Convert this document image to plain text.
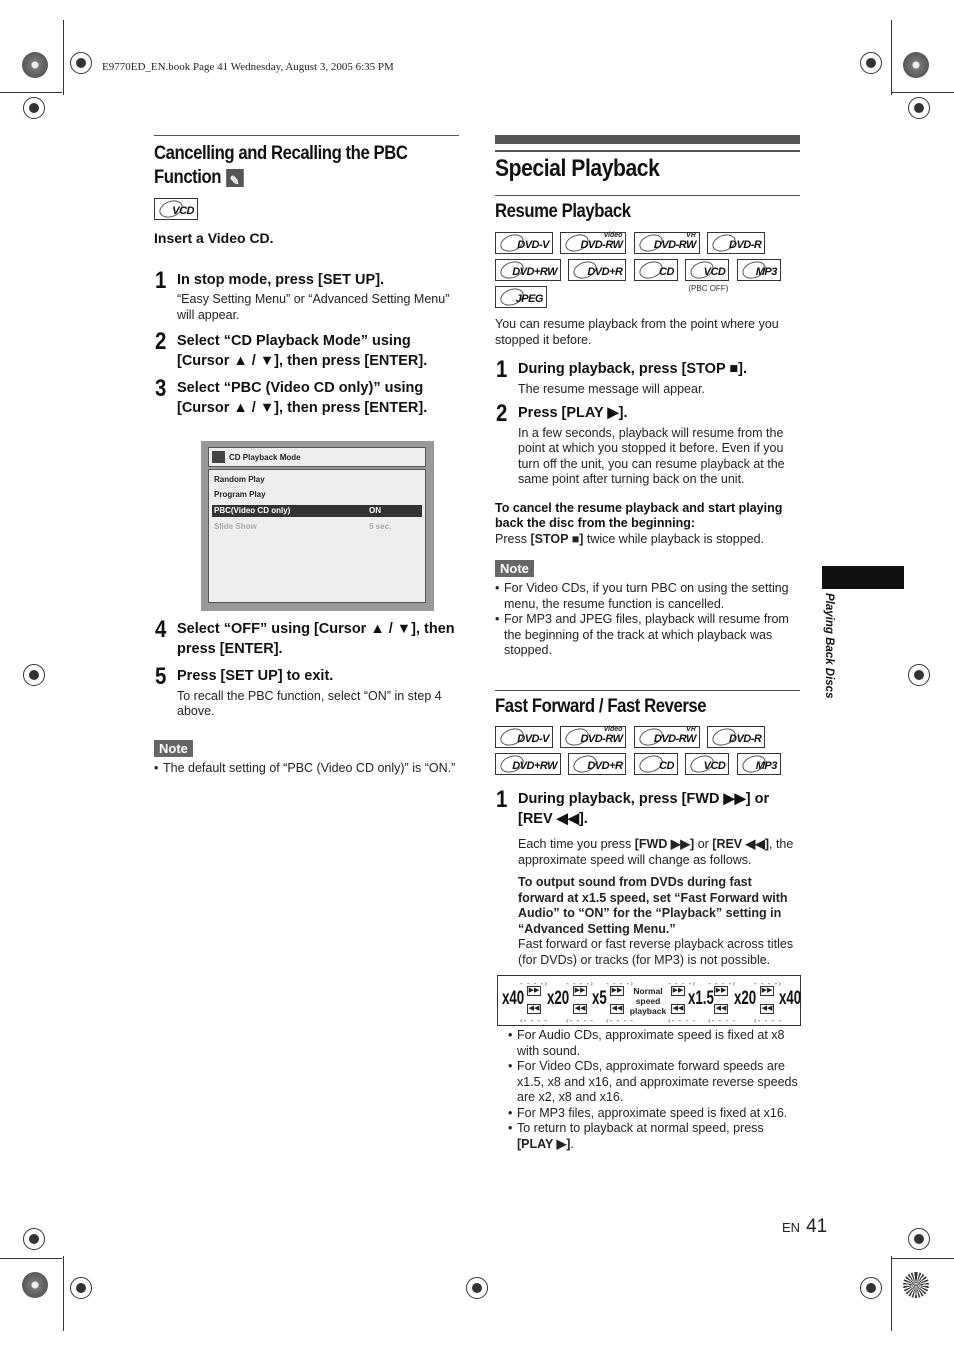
E9770ED_EN.book Page 41 Wednesday, August 3, 2005 6:35 PM
Cancelling and Recalling the PBC
Function✎
VCD
Insert a Video CD.
1 In stop mode, press [SET UP].
“Easy Setting Menu” or “Advanced Setting Menu” will appear.
2 Select “CD Playback Mode” using [Cursor ▲ / ▼], then press [ENTER].
3 Select “PBC (Video CD only)” using [Cursor ▲ / ▼], then press [ENTER].
CD Playback Mode
Random Play
Program Play
PBC(Video CD only)	ON
Slide Show	5 sec.
4 Select “OFF” using [Cursor ▲ / ▼], then press [ENTER].
5 Press [SET UP] to exit.
To recall the PBC function, select “ON” in step 4 above.
Note
• The default setting of “PBC (Video CD only)” is “ON.”
Special Playback
Resume Playback
DVD-V

Video
DVD-RW

VR
DVD-RW
	DVD-R

DVD+RW
	DVD+R
	CD
	VCD
(PBC OFF)

MP3

JPEG
You can resume playback from the point where you stopped it before.
1 During playback, press [STOP ■].
The resume message will appear.
2 Press [PLAY ▶].
In a few seconds, playback will resume from the point at which you stopped it before. Even if you turn off the unit, you can resume playback at the same point after turning back on the unit.
To cancel the resume playback and start playing back the disc from the beginning:
Press [STOP ■] twice while playback is stopped.
Note
• For Video CDs, if you turn PBC on using the setting menu, the resume function is cancelled.
• For MP3 and JPEG files, playback will resume from the beginning of the track at which playback was stopped.
Fast Forward / Fast Reverse
DVD-V

Video
DVD-RW

VR
DVD-RW
	DVD-R

DVD+RW
	DVD+R
	CD
	VCD
	MP3
1 During playback, press [FWD ▶▶] or [REV ◀◀].
Each time you press [FWD ▶▶] or [REV ◀◀], the approximate speed will change as follows.
To output sound from DVDs during fast forward at x1.5 speed, set “Fast Forward with Audio” to “ON” for the “Playback” setting in “Advanced Setting Menu.”
Fast forward or fast reverse playback across titles (for DVDs) or tracks (for MP3) is not possible.
- - - -› - - - -› - - - -›	- - - -› - - - -› - - - -›
x40 ▶▶
◀◀ x20 ▶▶
◀◀ x5 ▶▶
◀◀
Normal speed playback
▶▶
◀◀ x1.5 ▶▶
◀◀ x20 ▶▶
◀◀ x40
‹- - - - ‹- - - - ‹- - - -	‹- - - - ‹- - - - ‹- - - -
• For Audio CDs, approximate speed is fixed at x8 with sound.
• For Video CDs, approximate forward speeds are x1.5, x8 and x16, and approximate reverse speeds are x2, x8 and x16.
• For MP3 files, approximate speed is fixed at x16.
• To return to playback at normal speed, press [PLAY ▶].
Playing Back Discs
EN 41
